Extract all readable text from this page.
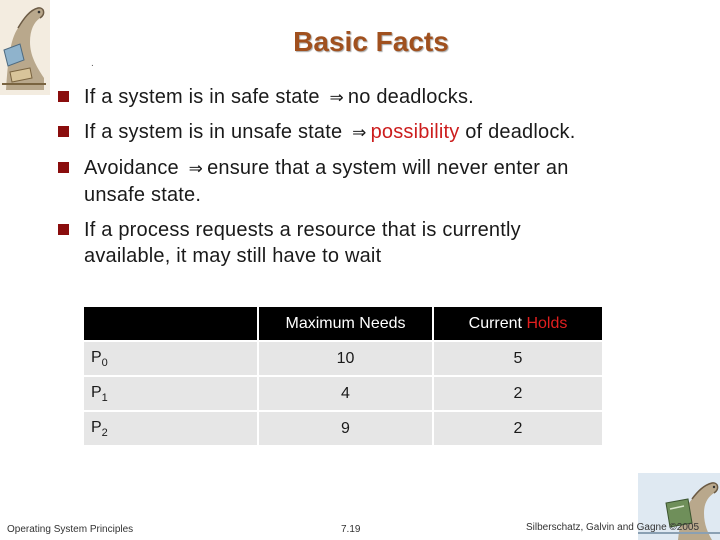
.
Basic Facts
If a system is in safe state ⇒ no deadlocks.
If a system is in unsafe state ⇒ possibility of deadlock.
Avoidance ⇒ ensure that a system will never enter an
unsafe state.
If a process requests a resource that is currently
available, it may still have to wait
	Maximum Needs	Current Holds
$P_0$	10	5
$P_1$	4	2
$P_2$	9	2
Operating System Principles	7.19	Silberschatz, Galvin and Gagne ©2005
